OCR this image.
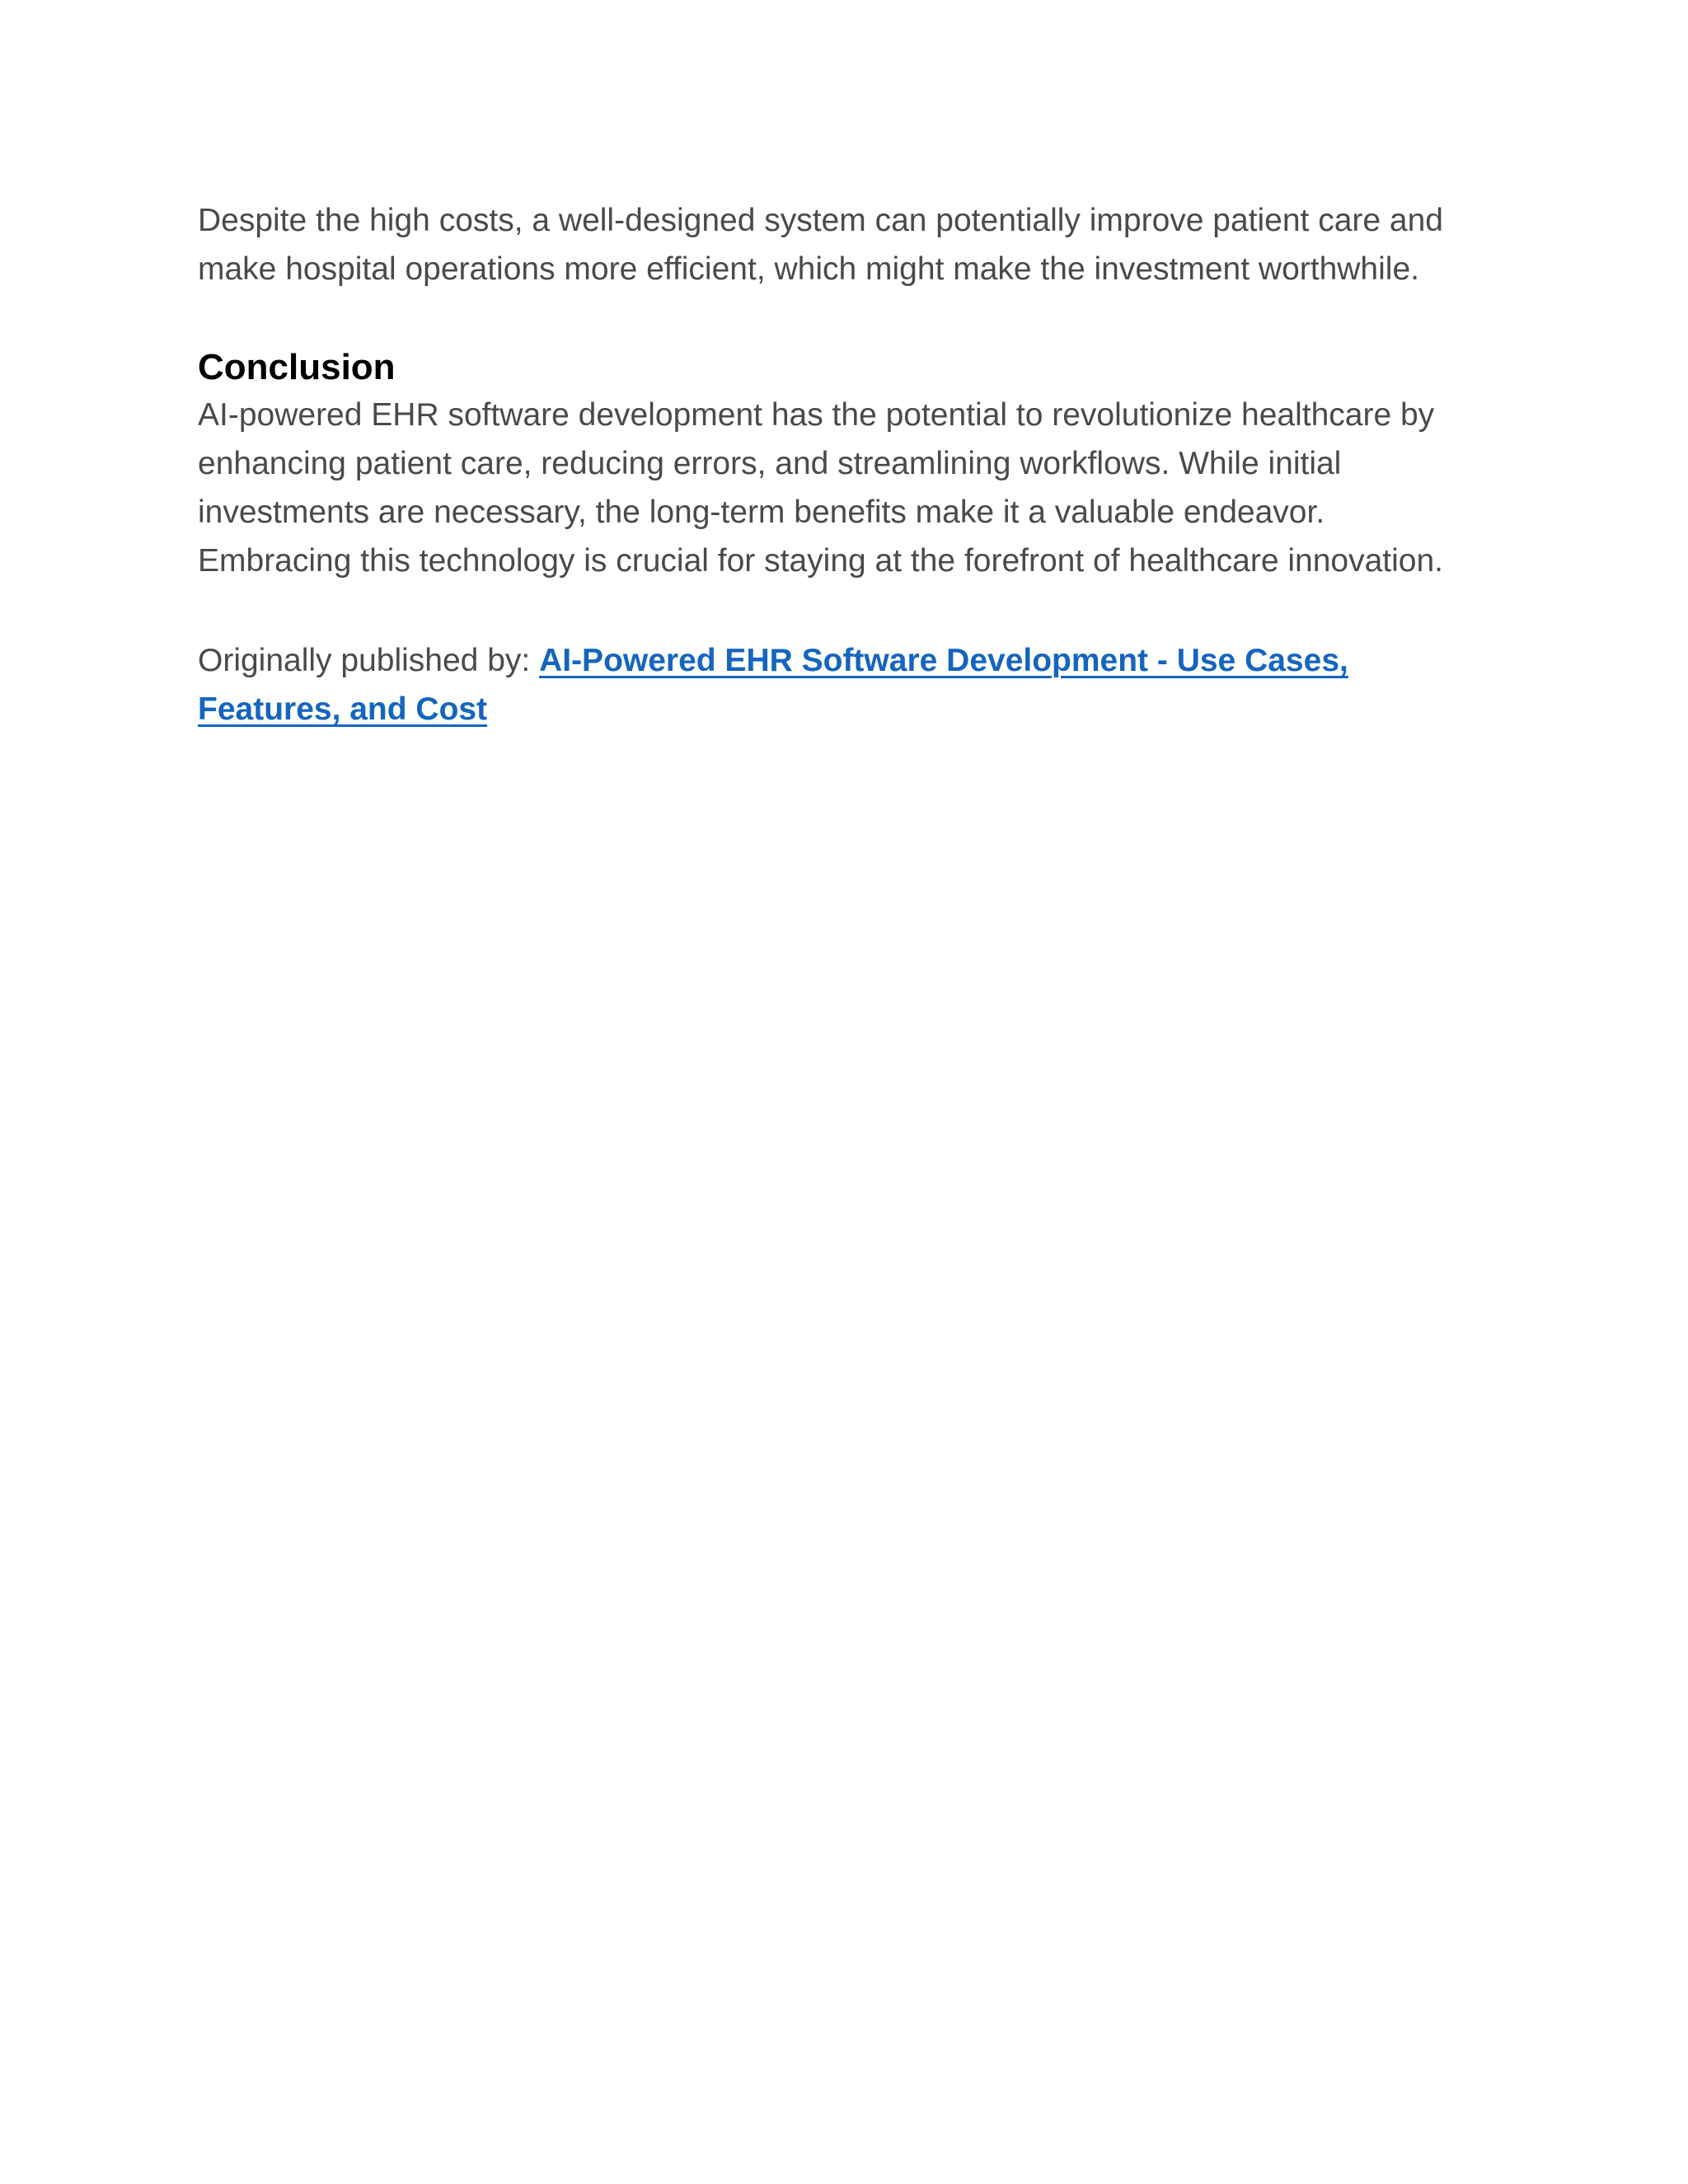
Despite the high costs, a well-designed system can potentially improve patient care and make hospital operations more efficient, which might make the investment worthwhile.

Conclusion

AI-powered EHR software development has the potential to revolutionize healthcare by enhancing patient care, reducing errors, and streamlining workflows. While initial investments are necessary, the long-term benefits make it a valuable endeavor. Embracing this technology is crucial for staying at the forefront of healthcare innovation.

Originally published by: AI-Powered EHR Software Development - Use Cases, Features, and Cost
